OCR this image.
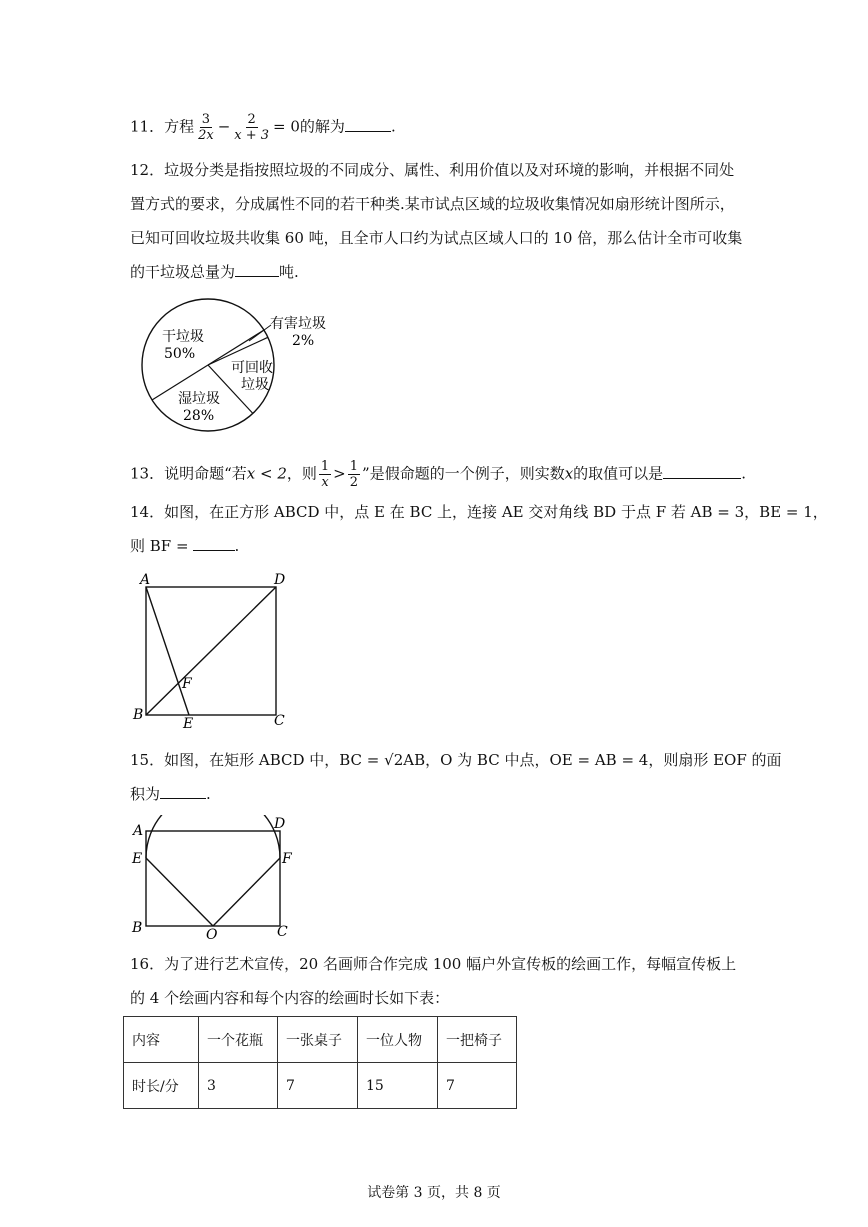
11．方程 $\frac{3}{2x} - \frac{2}{x + 3} = 0$的解为	.
12．垃圾分类是指按照垃圾的不同成分、属性、利用价值以及对环境的影响，并根据不同处
置方式的要求，分成属性不同的若干种类.某市试点区域的垃圾收集情况如扇形统计图所示，
已知可回收垃圾共收集 60 吨，且全市人口约为试点区域人口的 10 倍，那么估计全市可收集
的干垃圾总量为	吨.
干垃圾
50%
有害垃圾
2%
可回收
垃圾
湿垃圾
28%
13．说明命题“若x < 2，则 $\frac{1}{x} > \frac{1}{2}$ ”是假命题的一个例子，则实数x的取值可以是	.
14．如图，在正方形 ABCD 中，点 E 在 BC 上，连接 AE 交对角线 BD 于点 F 若 AB = 3，BE = 1，
则 BF =	.
A	D
B	C
E
F
15．如图，在矩形 ABCD 中，BC = √2AB，O 为 BC 中点，OE = AB = 4，则扇形 EOF 的面
积为	.
A	D
E	F
B	O	C
16．为了进行艺术宣传，20 名画师合作完成 100 幅户外宣传板的绘画工作，每幅宣传板上
的 4 个绘画内容和每个内容的绘画时长如下表：
内容	一个花瓶	一张桌子	一位人物	一把椅子
时长/分	3	7	15	7
试卷第 3 页，共 8 页
